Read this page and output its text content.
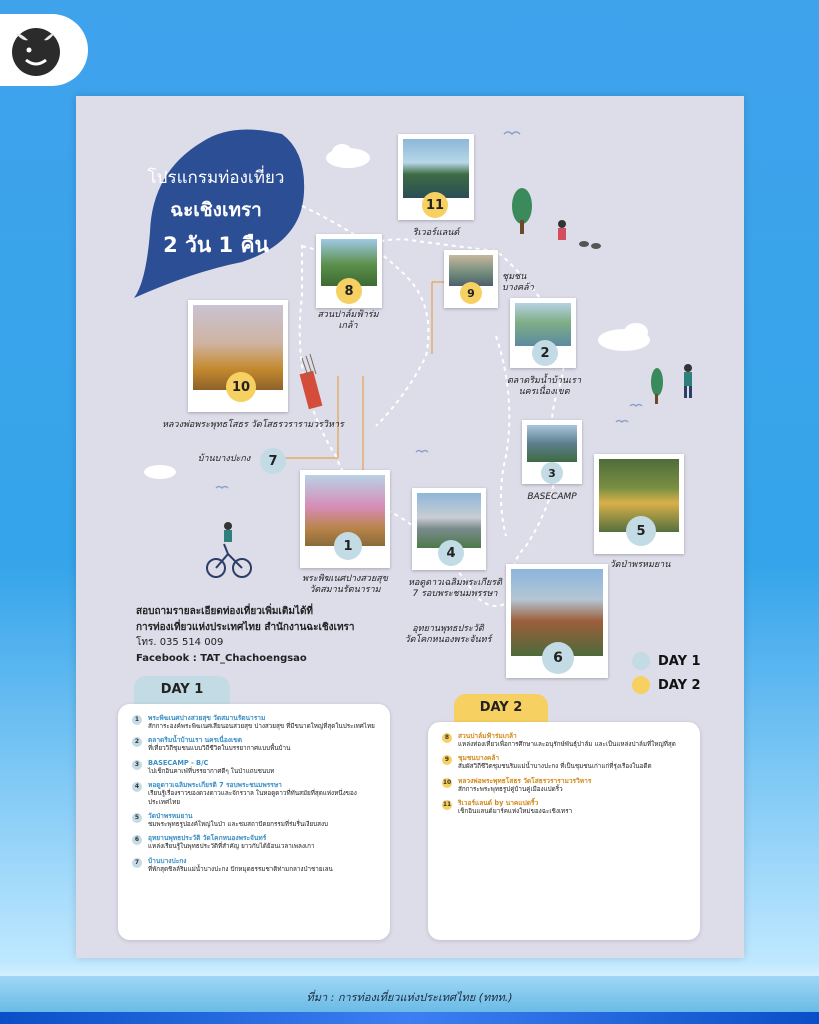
โปรแกรมท่องเที่ยว
ฉะเชิงเทรา
2 วัน 1 คืน
11
ริเวอร์แลนด์
8
สวนปาล์มฟ้าร่มเกล้า
9
ชุมชนบางคล้า
2
ตลาดริมน้ำบ้านเรา
นครเนื่องเขต
10
หลวงพ่อพระพุทธโสธร วัดโสธรวรารามวรวิหาร
บ้านบางปะกง	7
3
BASECAMP
5
วัดป่าพรหมยาน
1
พระพิฆเนศปางสวยสุข
วัดสมานรัตนาราม
4
หอดูดาวเฉลิมพระเกียรติ
7 รอบพระชนมพรรษา
6
อุทยานพุทธประวัติ
วัดโคกหนองพระจันทร์
สอบถามรายละเอียดท่องเที่ยวเพิ่มเติมได้ที่
การท่องเที่ยวแห่งประเทศไทย สำนักงานฉะเชิงเทรา
โทร. 035 514 009
Facebook : TAT_Chachoengsao	DAY 1
DAY 2
DAY 1
1	พระพิฆเนศปางสวยสุข วัดสมานรัตนาราม
สักการะองค์พระพิฆเนศเสียนอนสวยสุข ปางสวยสุข ที่มีขนาดใหญ่ที่สุดในประเทศไทย
2	ตลาดริมน้ำบ้านเรา นครเนื่องเขต
ที่เที่ยววิถีชุมชนแบบวิถีชีวิตในบรรยากาศแบบพื้นบ้าน
3	BASECAMP - B/C
ไปเช็กอินคาเฟ่ที่บรรยากาศดีๆ ในป่าแถบชนบท
4	หอดูดาวเฉลิมพระเกียรติ 7 รอบพระชนมพรรษา
เรียนรู้เรื่องราวของดวงดาวและจักรวาล ในหอดูดาวที่ทันสมัยที่สุดแห่งหนึ่งของประเทศไทย
5	วัดป่าพรหมยาน
ชมพระพุทธรูปองค์ใหญ่ในป่า และชมสถาปัตยกรรมที่ร่มรื่นเงียบสงบ
6	อุทยานพุทธประวัติ วัดโคกหนองพระจันทร์
แหล่งเรียนรู้ในพุทธประวัติที่สำคัญ ยาวกับได้ย้อนเวลาเพลงเกา
7	บ้านบางปะกง
ที่พักสุดชิลล์ริมแม่น้ำบางปะกง ปักหมุดธรรมชาติท่ามกลางป่าชายเลน
DAY 2
8	สวนปาล์มฟ้าร่มเกล้า
แหล่งท่องเที่ยวเพื่อการศึกษาและอนุรักษ์พันธุ์ปาล์ม และเป็นแหล่งปาล์มที่ใหญ่ที่สุด
9	ชุมชนบางคล้า
สัมผัสวิถีชีวิตชุมชนริมแม่น้ำบางปะกง ที่เป็นชุมชนเก่าแก่ที่รุ่งเรืองในอดีต
10 หลวงพ่อพระพุทธโสธร วัดโสธรวรารามวรวิหาร
สักการะพระพุทธรูปคู่บ้านคู่เมืองแปดริ้ว
11 ริเวอร์แลนด์ by นาคแปดริ้ว
เช็กอินแลนด์มาร์คแห่งใหม่ของฉะเชิงเทรา
ที่มา : การท่องเที่ยวแห่งประเทศไทย (ททท.)
